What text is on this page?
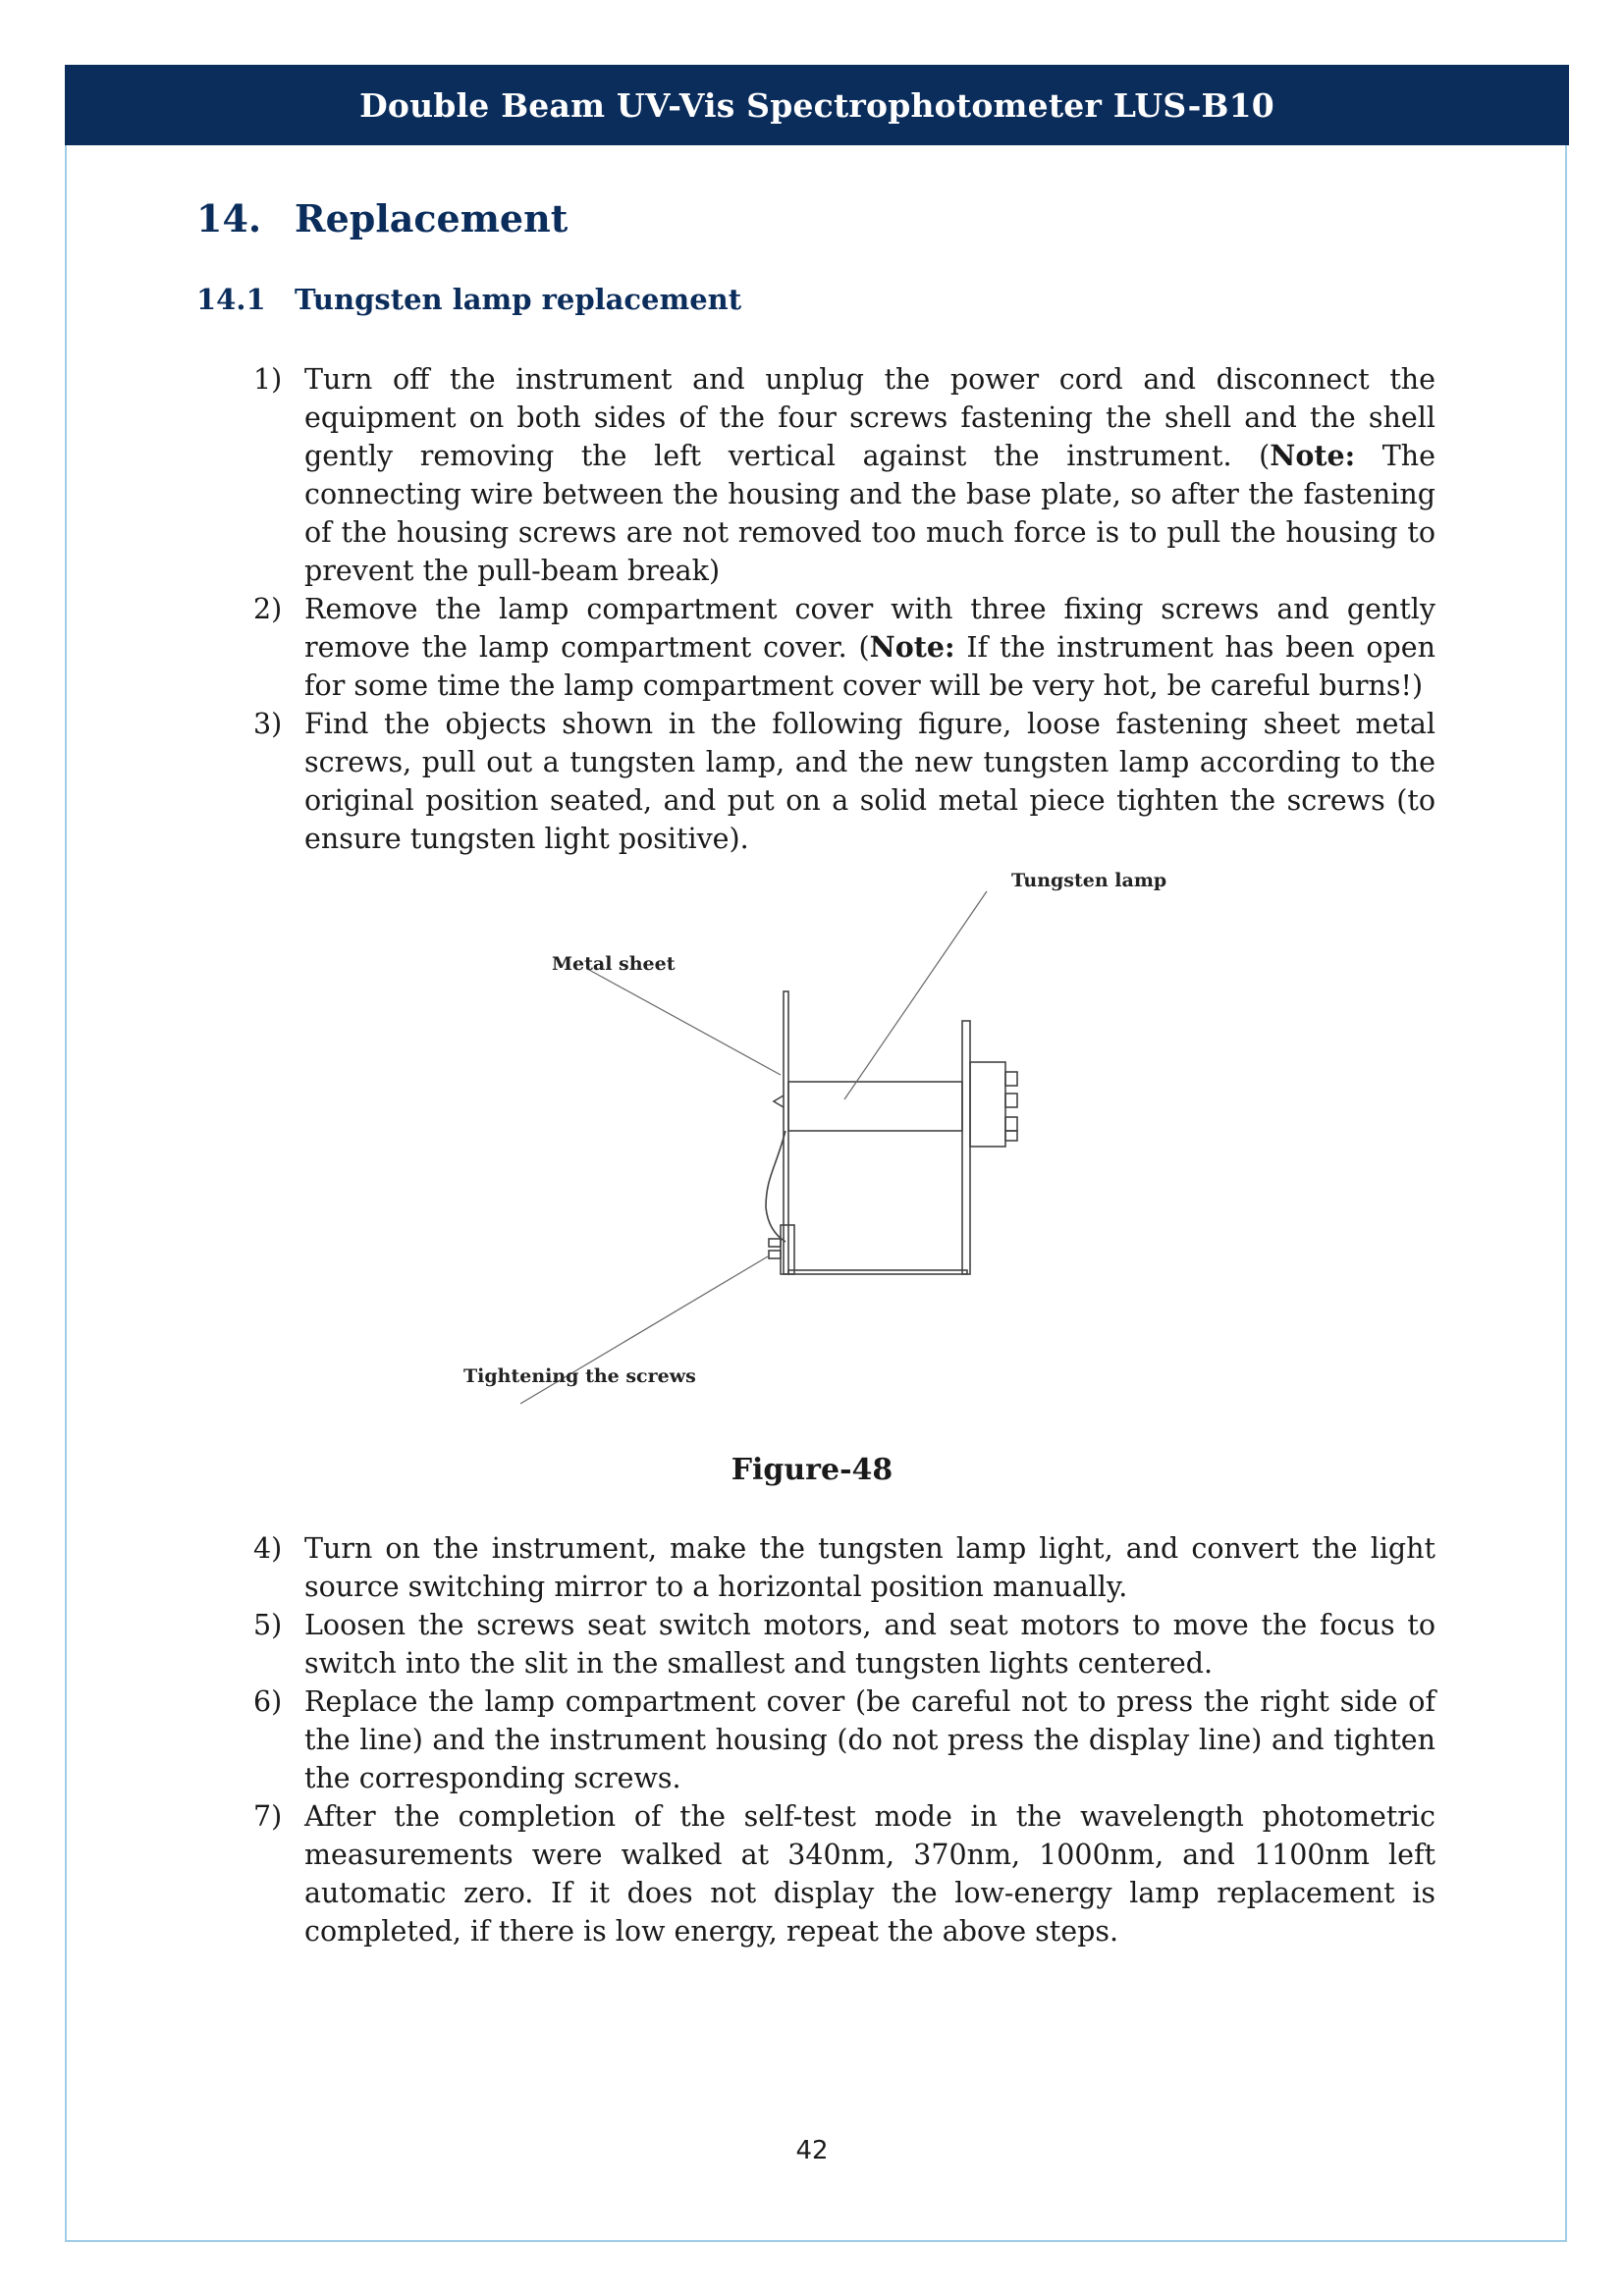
Double Beam UV-Vis Spectrophotometer LUS-B10
14. Replacement
14.1 Tungsten lamp replacement
1) Turn off the instrument and unplug the power cord and disconnect the equipment on both sides of the four screws fastening the shell and the shell gently removing the left vertical against the instrument. (Note: The connecting wire between the housing and the base plate, so after the fastening of the housing screws are not removed too much force is to pull the housing to prevent the pull-beam break)
2) Remove the lamp compartment cover with three fixing screws and gently remove the lamp compartment cover. (Note: If the instrument has been open for some time the lamp compartment cover will be very hot, be careful burns!)
3) Find the objects shown in the following figure, loose fastening sheet metal screws, pull out a tungsten lamp, and the new tungsten lamp according to the original position seated, and put on a solid metal piece tighten the screws (to ensure tungsten light positive).
Tungsten lamp
Metal sheet
Tightening the screws
Figure-48
4) Turn on the instrument, make the tungsten lamp light, and convert the light source switching mirror to a horizontal position manually.
5) Loosen the screws seat switch motors, and seat motors to move the focus to switch into the slit in the smallest and tungsten lights centered.
6) Replace the lamp compartment cover (be careful not to press the right side of the line) and the instrument housing (do not press the display line) and tighten the corresponding screws.
7) After the completion of the self-test mode in the wavelength photometric measurements were walked at 340nm, 370nm, 1000nm, and 1100nm left automatic zero. If it does not display the low-energy lamp replacement is completed, if there is low energy, repeat the above steps.
42
